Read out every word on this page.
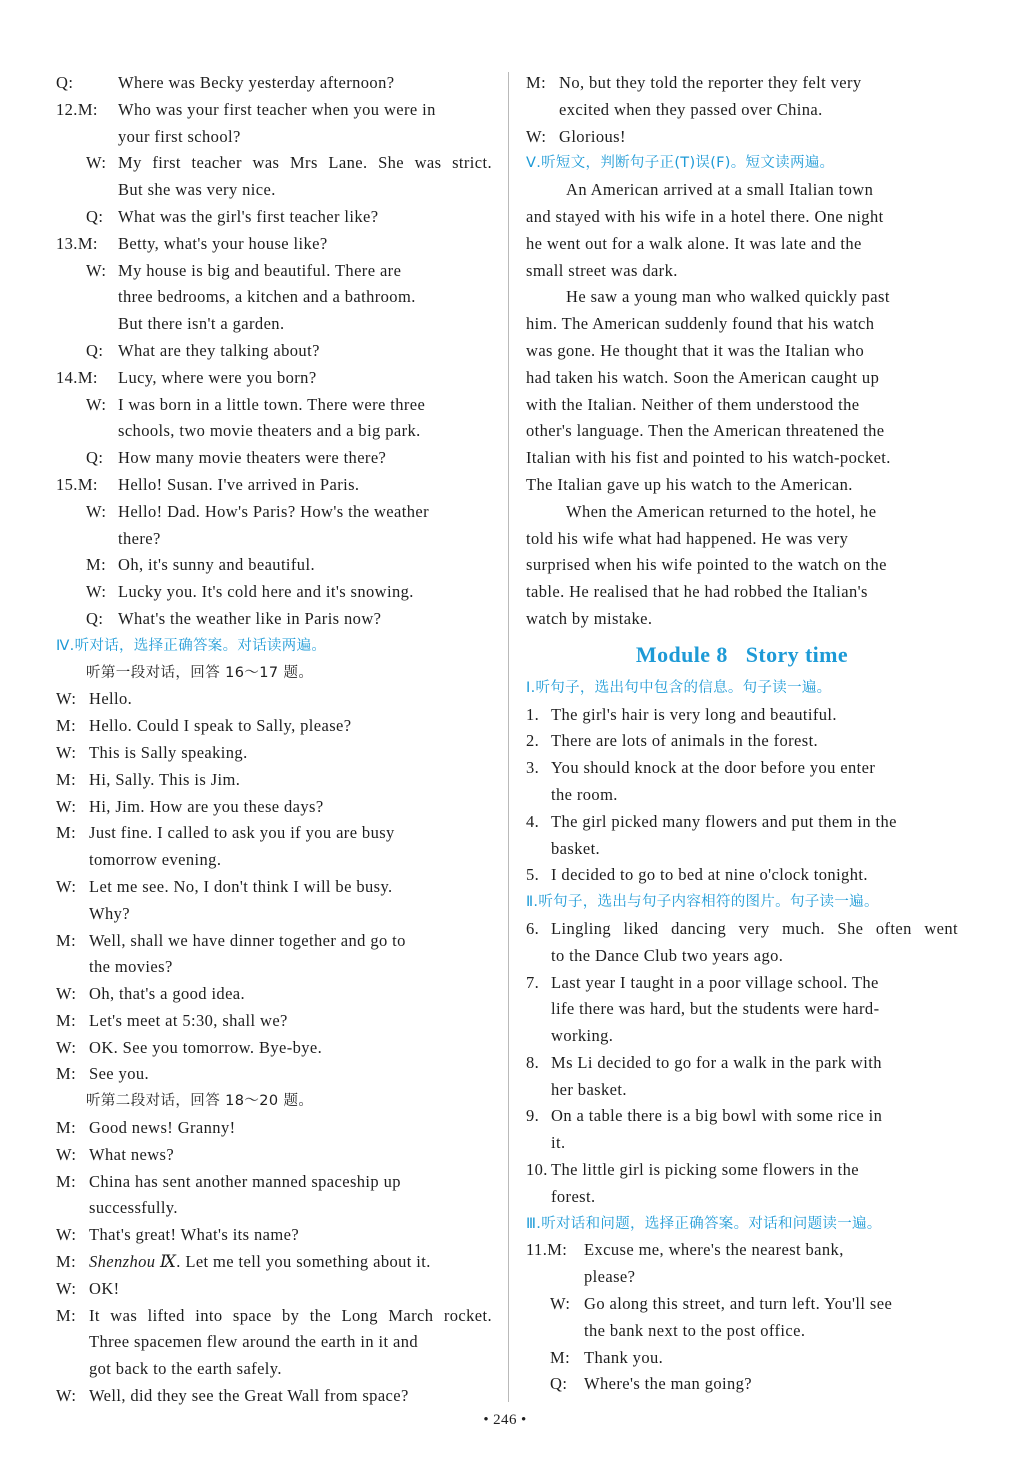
Q:	Where was Becky yesterday afternoon?
12.M: Who was your first teacher when you were in
your first school?
W: My first teacher was Mrs Lane. She was strict.
But she was very nice.
Q: What was the girl's first teacher like?
13.M: Betty, what's your house like?
W: My house is big and beautiful. There are
three bedrooms, a kitchen and a bathroom.
But there isn't a garden.
Q: What are they talking about?
14.M: Lucy, where were you born?
W: I was born in a little town. There were three
schools, two movie theaters and a big park.
Q: How many movie theaters were there?
15.M: Hello! Susan. I've arrived in Paris.
W: Hello! Dad. How's Paris? How's the weather
there?
M: Oh, it's sunny and beautiful.
W: Lucky you. It's cold here and it's snowing.
Q: What's the weather like in Paris now?
Ⅳ.听对话，选择正确答案。对话读两遍。
听第一段对话，回答 16～17 题。
W: Hello.
M: Hello. Could I speak to Sally, please?
W: This is Sally speaking.
M: Hi, Sally. This is Jim.
W: Hi, Jim. How are you these days?
M: Just fine. I called to ask you if you are busy
tomorrow evening.
W: Let me see. No, I don't think I will be busy.
Why?
M: Well, shall we have dinner together and go to
the movies?
W: Oh, that's a good idea.
M: Let's meet at 5:30, shall we?
W: OK. See you tomorrow. Bye-bye.
M: See you.
听第二段对话，回答 18～20 题。
M: Good news! Granny!
W: What news?
M: China has sent another manned spaceship up
successfully.
W: That's great! What's its name?
M: Shenzhou Ⅸ. Let me tell you something about it.
W: OK!
M: It was lifted into space by the Long March rocket.
Three spacemen flew around the earth in it and
got back to the earth safely.
W: Well, did they see the Great Wall from space?
M: No, but they told the reporter they felt very
excited when they passed over China.
W: Glorious!
Ⅴ.听短文，判断句子正(T)误(F)。短文读两遍。
An American arrived at a small Italian town
and stayed with his wife in a hotel there. One night
he went out for a walk alone. It was late and the
small street was dark.
He saw a young man who walked quickly past
him. The American suddenly found that his watch
was gone. He thought that it was the Italian who
had taken his watch. Soon the American caught up
with the Italian. Neither of them understood the
other's language. Then the American threatened the
Italian with his fist and pointed to his watch-pocket.
The Italian gave up his watch to the American.
When the American returned to the hotel, he
told his wife what had happened. He was very
surprised when his wife pointed to the watch on the
table. He realised that he had robbed the Italian's
watch by mistake.
Module 8 Story time
Ⅰ.听句子，选出句中包含的信息。句子读一遍。
1. The girl's hair is very long and beautiful.
2. There are lots of animals in the forest.
3. You should knock at the door before you enter
the room.
4. The girl picked many flowers and put them in the
basket.
5. I decided to go to bed at nine o'clock tonight.
Ⅱ.听句子，选出与句子内容相符的图片。句子读一遍。
6. Lingling liked dancing very much. She often went
to the Dance Club two years ago.
7. Last year I taught in a poor village school. The
life there was hard, but the students were hard-
working.
8. Ms Li decided to go for a walk in the park with
her basket.
9. On a table there is a big bowl with some rice in
it.
10. The little girl is picking some flowers in the
forest.
Ⅲ.听对话和问题，选择正确答案。对话和问题读一遍。
11.M: Excuse me, where's the nearest bank,
please?
W: Go along this street, and turn left. You'll see
the bank next to the post office.
M: Thank you.
Q: Where's the man going?
• 246 •
